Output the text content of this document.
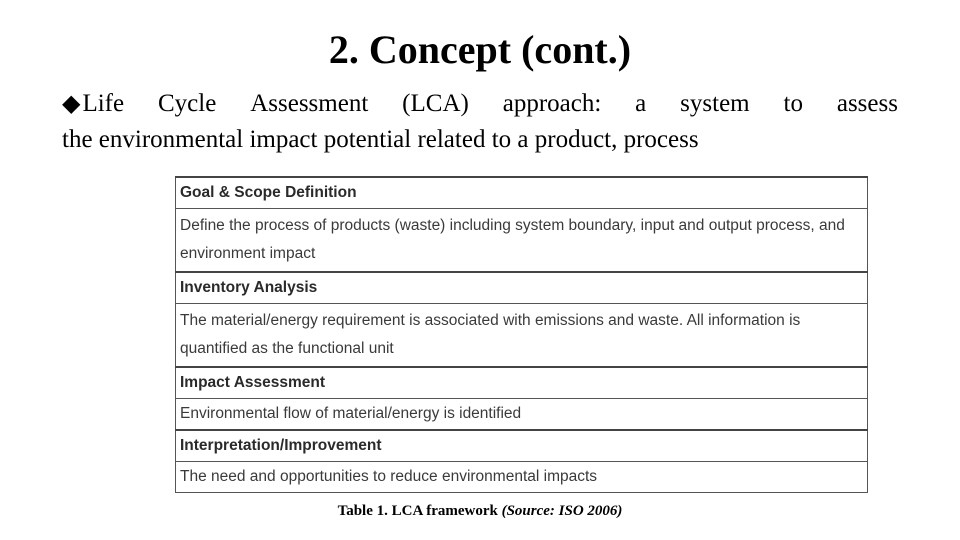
2. Concept (cont.)
◆Life Cycle Assessment (LCA) approach: a system to assess
the environmental impact potential related to a product, process
Goal & Scope Definition
Define the process of products (waste) including system boundary, input and output process, and environment impact
Inventory Analysis
The material/energy requirement is associated with emissions and waste. All information is quantified as the functional unit
Impact Assessment
Environmental flow of material/energy is identified
Interpretation/Improvement
The need and opportunities to reduce environmental impacts

Table 1. LCA framework (Source: ISO 2006)
